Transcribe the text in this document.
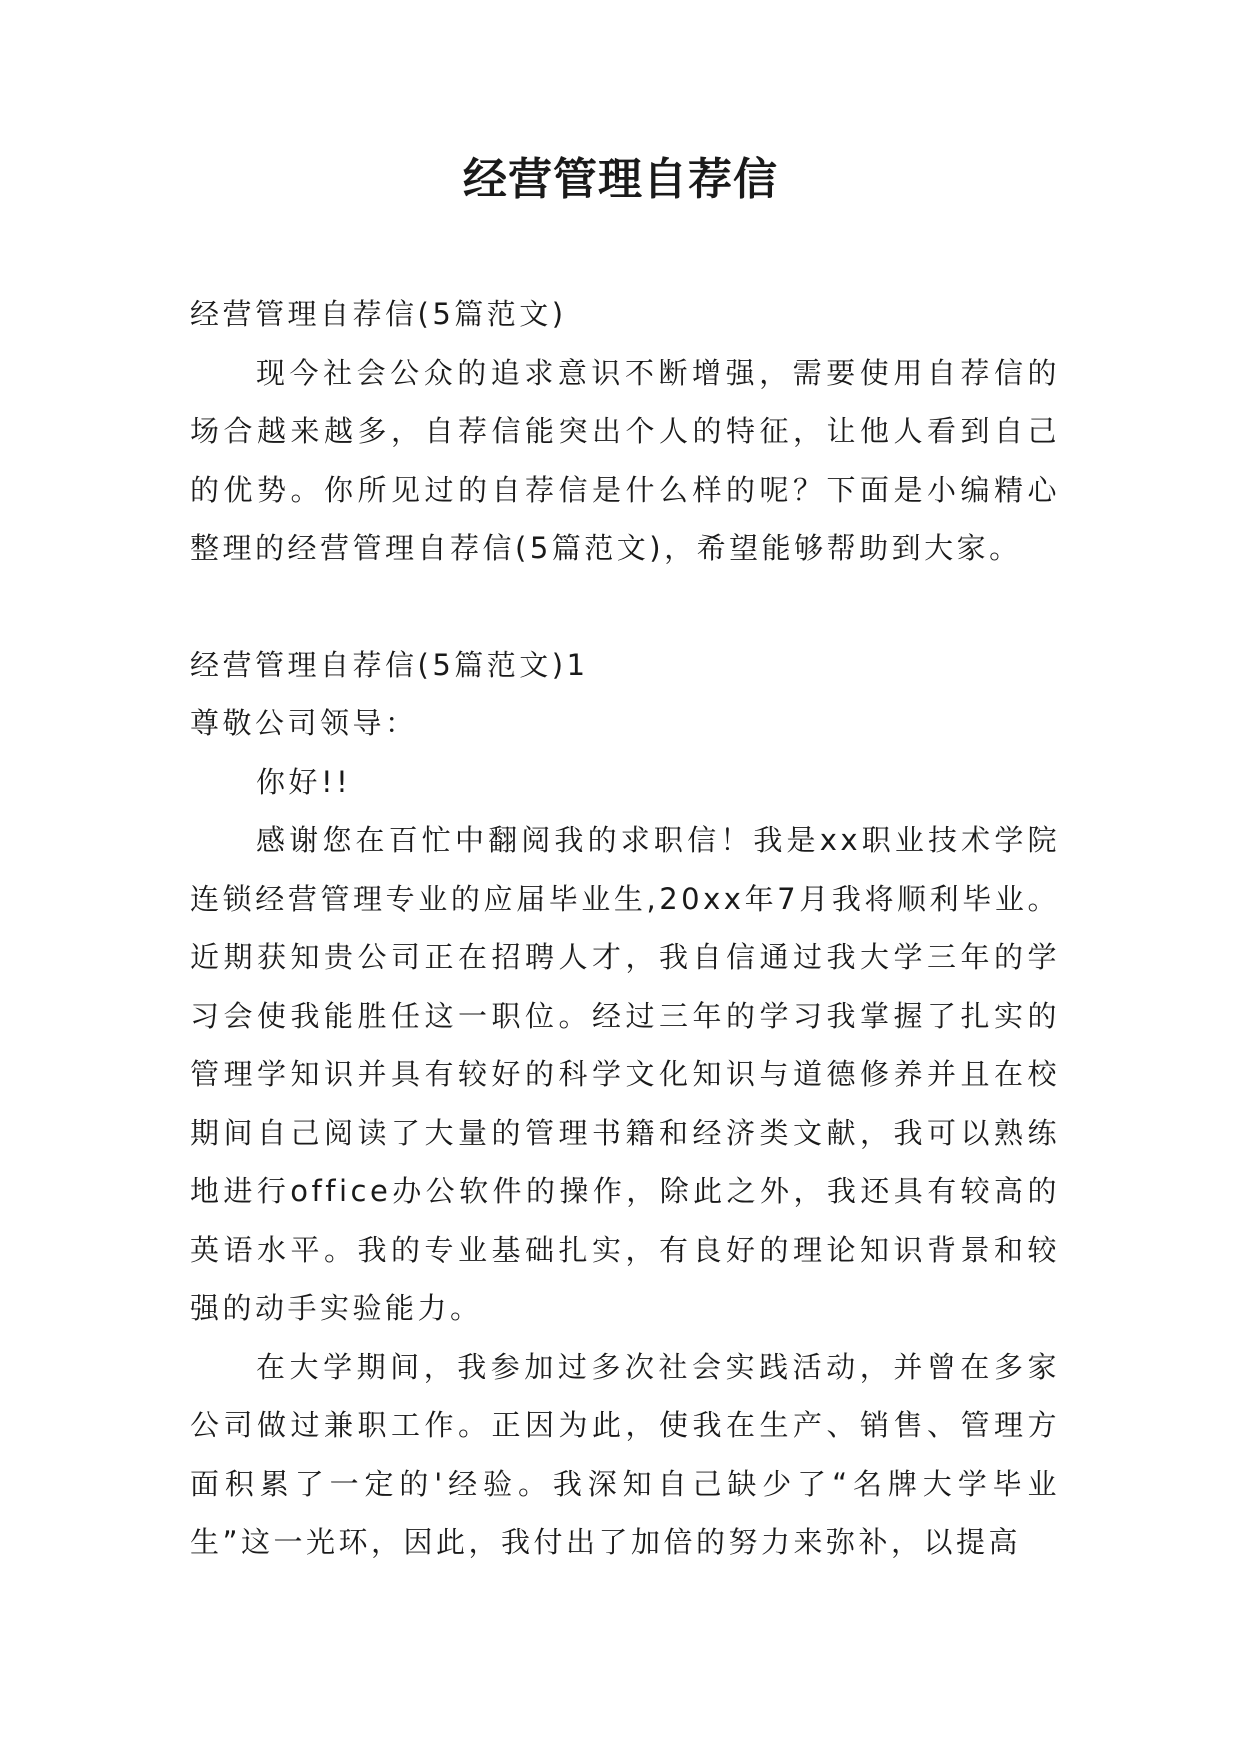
经营管理自荐信

经营管理自荐信(5篇范文)

现今社会公众的追求意识不断增强，需要使用自荐信的场合越来越多，自荐信能突出个人的特征，让他人看到自己的优势。你所见过的自荐信是什么样的呢？下面是小编精心整理的经营管理自荐信(5篇范文)，希望能够帮助到大家。

经营管理自荐信(5篇范文)1

尊敬公司领导：

你好!!

感谢您在百忙中翻阅我的求职信！我是xx职业技术学院连锁经营管理专业的应届毕业生,20xx年7月我将顺利毕业。近期获知贵公司正在招聘人才，我自信通过我大学三年的学习会使我能胜任这一职位。经过三年的学习我掌握了扎实的管理学知识并具有较好的科学文化知识与道德修养并且在校期间自己阅读了大量的管理书籍和经济类文献，我可以熟练地进行office办公软件的操作，除此之外，我还具有较高的英语水平。我的专业基础扎实，有良好的理论知识背景和较强的动手实验能力。

在大学期间，我参加过多次社会实践活动，并曾在多家公司做过兼职工作。正因为此，使我在生产、销售、管理方面积累了一定的'经验。我深知自己缺少了“名牌大学毕业生”这一光环，因此，我付出了加倍的努力来弥补，以提高
